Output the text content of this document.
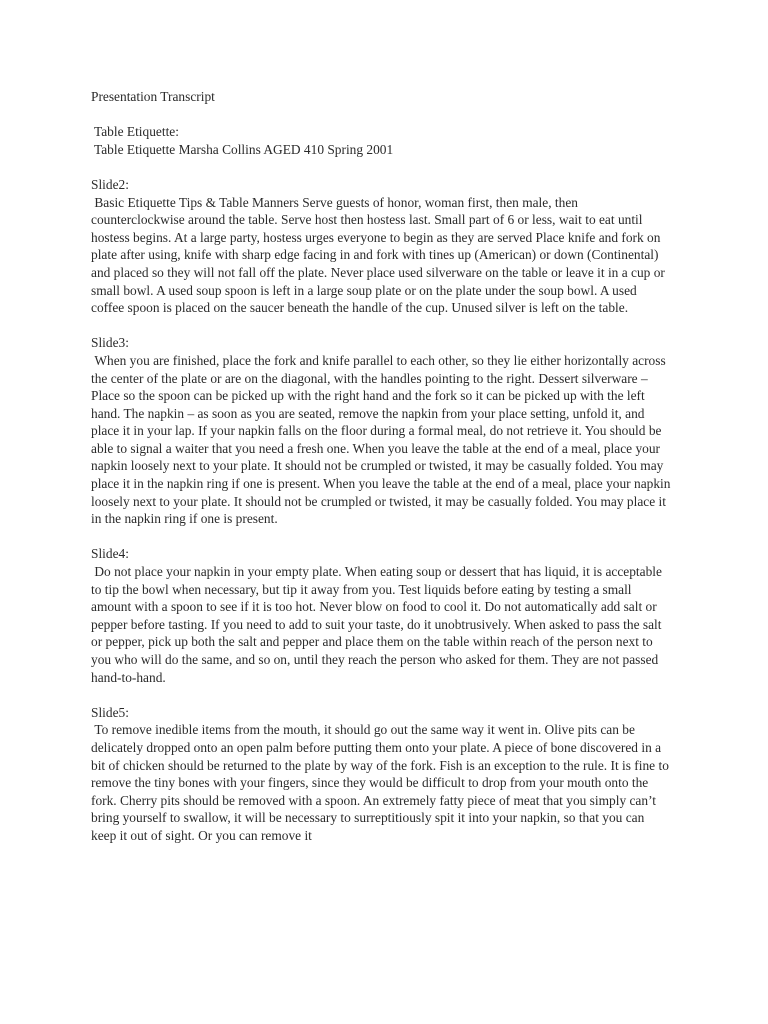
Presentation Transcript

Table Etiquette:

Table Etiquette Marsha Collins AGED 410 Spring 2001

Slide2:

Basic Etiquette Tips & Table Manners Serve guests of honor, woman first, then male, then counterclockwise around the table. Serve host then hostess last. Small part of 6 or less, wait to eat until hostess begins. At a large party, hostess urges everyone to begin as they are served Place knife and fork on plate after using, knife with sharp edge facing in and fork with tines up (American) or down (Continental) and placed so they will not fall off the plate. Never place used silverware on the table or leave it in a cup or small bowl. A used soup spoon is left in a large soup plate or on the plate under the soup bowl. A used coffee spoon is placed on the saucer beneath the handle of the cup. Unused silver is left on the table.

Slide3:

When you are finished, place the fork and knife parallel to each other, so they lie either horizontally across the center of the plate or are on the diagonal, with the handles pointing to the right. Dessert silverware – Place so the spoon can be picked up with the right hand and the fork so it can be picked up with the left hand. The napkin – as soon as you are seated, remove the napkin from your place setting, unfold it, and place it in your lap. If your napkin falls on the floor during a formal meal, do not retrieve it. You should be able to signal a waiter that you need a fresh one. When you leave the table at the end of a meal, place your napkin loosely next to your plate. It should not be crumpled or twisted, it may be casually folded. You may place it in the napkin ring if one is present. When you leave the table at the end of a meal, place your napkin loosely next to your plate. It should not be crumpled or twisted, it may be casually folded. You may place it in the napkin ring if one is present.

Slide4:

Do not place your napkin in your empty plate. When eating soup or dessert that has liquid, it is acceptable to tip the bowl when necessary, but tip it away from you. Test liquids before eating by testing a small amount with a spoon to see if it is too hot. Never blow on food to cool it. Do not automatically add salt or pepper before tasting. If you need to add to suit your taste, do it unobtrusively. When asked to pass the salt or pepper, pick up both the salt and pepper and place them on the table within reach of the person next to you who will do the same, and so on, until they reach the person who asked for them. They are not passed hand-to-hand.

Slide5:

To remove inedible items from the mouth, it should go out the same way it went in. Olive pits can be delicately dropped onto an open palm before putting them onto your plate. A piece of bone discovered in a bit of chicken should be returned to the plate by way of the fork. Fish is an exception to the rule. It is fine to remove the tiny bones with your fingers, since they would be difficult to drop from your mouth onto the fork. Cherry pits should be removed with a spoon. An extremely fatty piece of meat that you simply can’t bring yourself to swallow, it will be necessary to surreptitiously spit it into your napkin, so that you can keep it out of sight. Or you can remove it
